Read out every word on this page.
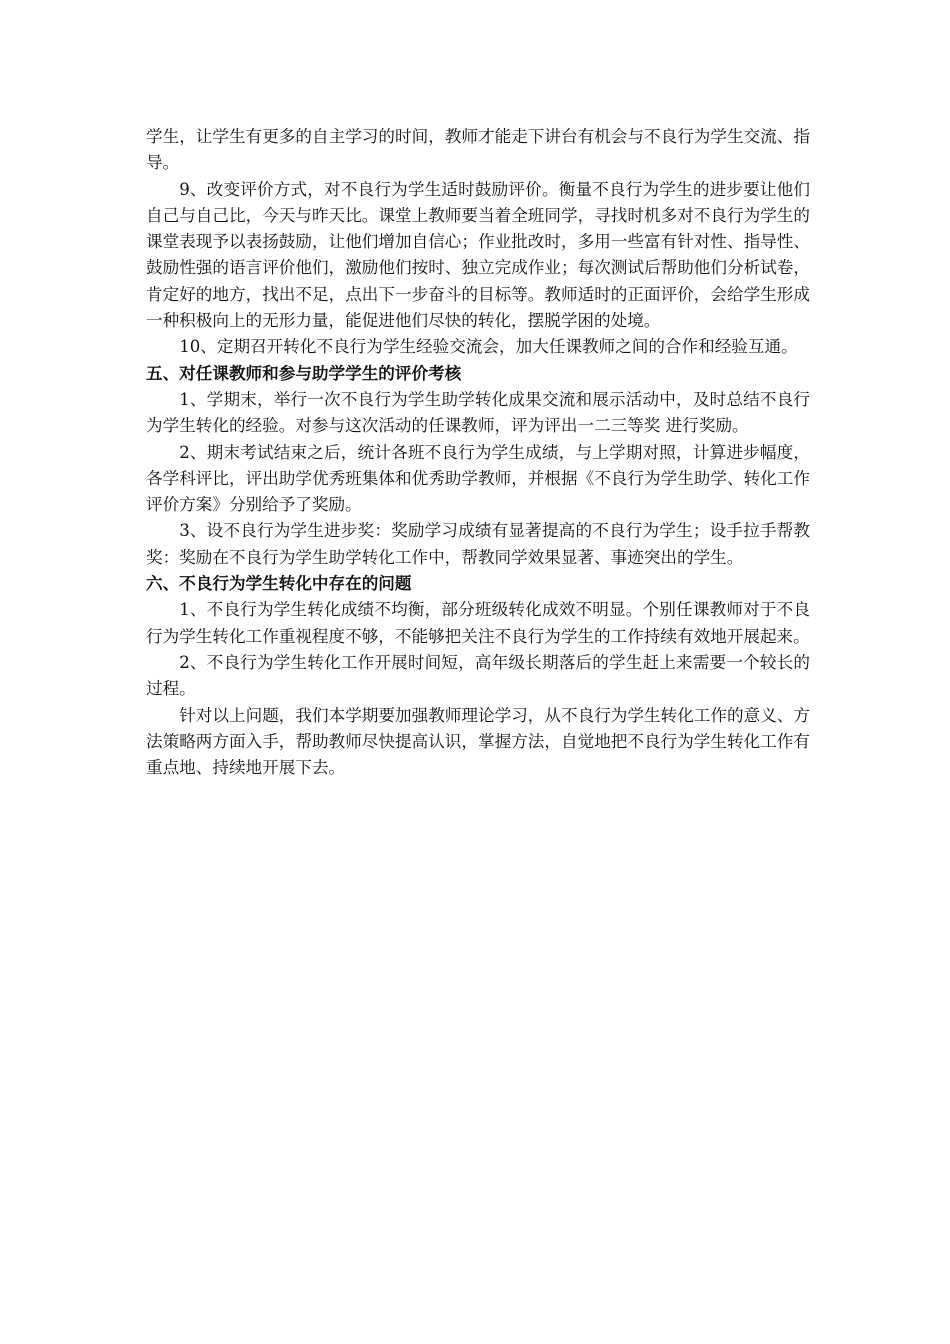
学生，让学生有更多的自主学习的时间，教师才能走下讲台有机会与不良行为学生交流、指导。

9、改变评价方式，对不良行为学生适时鼓励评价。衡量不良行为学生的进步要让他们自己与自己比，今天与昨天比。课堂上教师要当着全班同学，寻找时机多对不良行为学生的课堂表现予以表扬鼓励，让他们增加自信心；作业批改时，多用一些富有针对性、指导性、鼓励性强的语言评价他们，激励他们按时、独立完成作业；每次测试后帮助他们分析试卷，肯定好的地方，找出不足，点出下一步奋斗的目标等。教师适时的正面评价，会给学生形成一种积极向上的无形力量，能促进他们尽快的转化，摆脱学困的处境。

10、定期召开转化不良行为学生经验交流会，加大任课教师之间的合作和经验互通。

五、对任课教师和参与助学学生的评价考核

1、学期末，举行一次不良行为学生助学转化成果交流和展示活动中，及时总结不良行为学生转化的经验。对参与这次活动的任课教师，评为评出一二三等奖 进行奖励。

2、期末考试结束之后，统计各班不良行为学生成绩，与上学期对照，计算进步幅度，各学科评比，评出助学优秀班集体和优秀助学教师，并根据《不良行为学生助学、转化工作评价方案》分别给予了奖励。

3、设不良行为学生进步奖：奖励学习成绩有显著提高的不良行为学生；设手拉手帮教奖：奖励在不良行为学生助学转化工作中，帮教同学效果显著、事迹突出的学生。

六、不良行为学生转化中存在的问题

1、不良行为学生转化成绩不均衡，部分班级转化成效不明显。个别任课教师对于不良行为学生转化工作重视程度不够，不能够把关注不良行为学生的工作持续有效地开展起来。

2、不良行为学生转化工作开展时间短，高年级长期落后的学生赶上来需要一个较长的过程。

针对以上问题，我们本学期要加强教师理论学习，从不良行为学生转化工作的意义、方法策略两方面入手，帮助教师尽快提高认识，掌握方法，自觉地把不良行为学生转化工作有重点地、持续地开展下去。
